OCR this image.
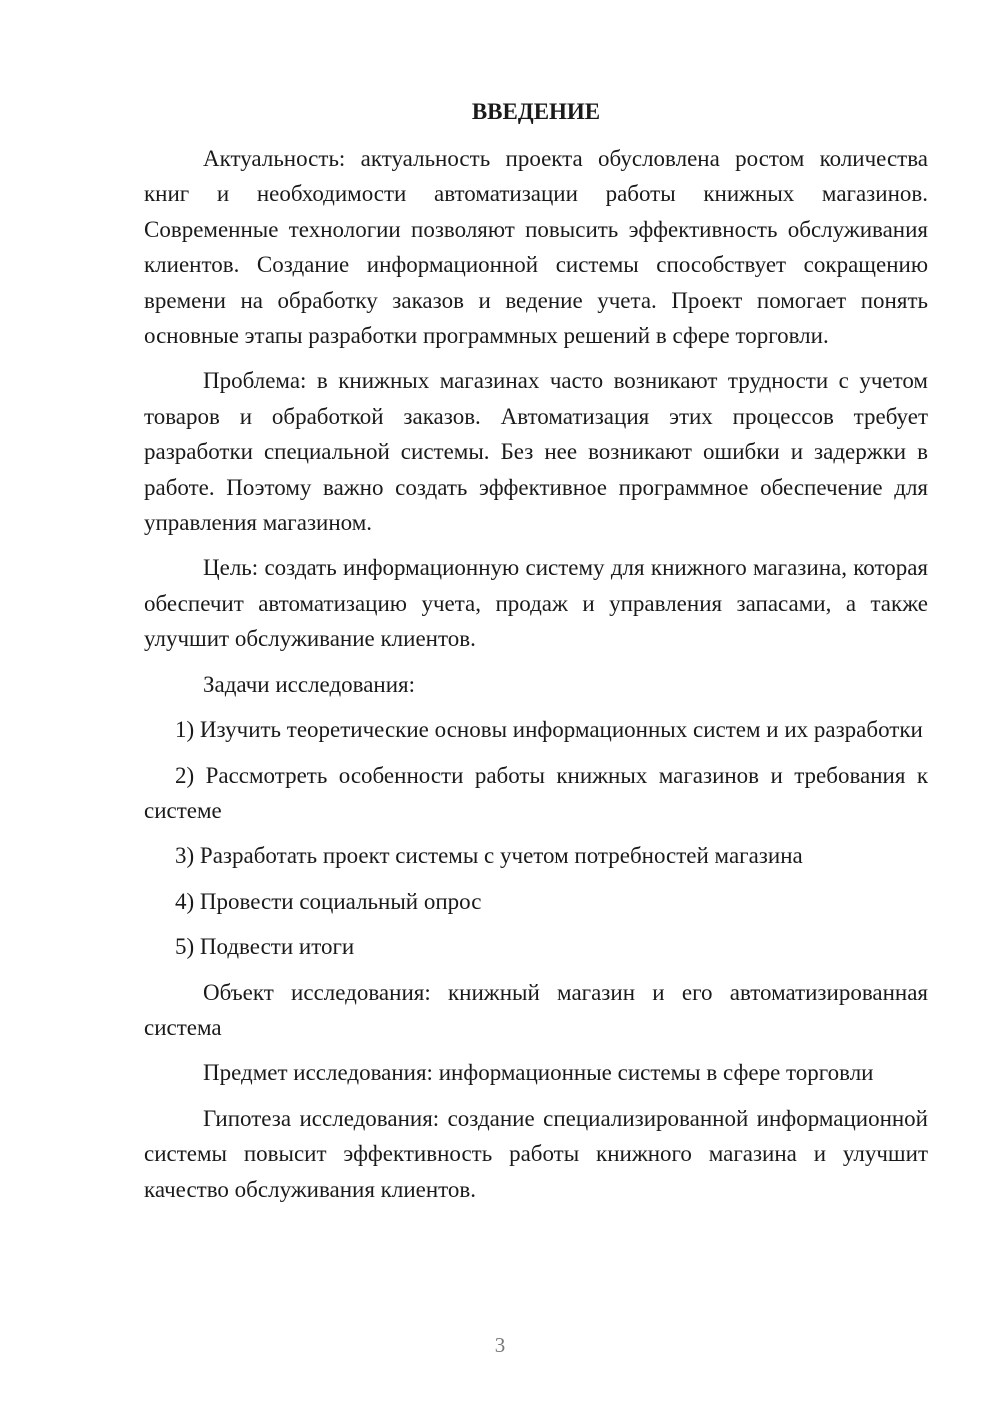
ВВЕДЕНИЕ

Актуальность: актуальность проекта обусловлена ростом количества книг и необходимости автоматизации работы книжных магазинов. Современные технологии позволяют повысить эффективность обслуживания клиентов. Создание информационной системы способствует сокращению времени на обработку заказов и ведение учета. Проект помогает понять основные этапы разработки программных решений в сфере торговли.

Проблема: в книжных магазинах часто возникают трудности с учетом товаров и обработкой заказов. Автоматизация этих процессов требует разработки специальной системы. Без нее возникают ошибки и задержки в работе. Поэтому важно создать эффективное программное обеспечение для управления магазином.

Цель: создать информационную систему для книжного магазина, которая обеспечит автоматизацию учета, продаж и управления запасами, а также улучшит обслуживание клиентов.

Задачи исследования:

1) Изучить теоретические основы информационных систем и их разработки

2) Рассмотреть особенности работы книжных магазинов и требования к системе

3) Разработать проект системы с учетом потребностей магазина

4) Провести социальный опрос

5) Подвести итоги

Объект исследования: книжный магазин и его автоматизированная система

Предмет исследования: информационные системы в сфере торговли

Гипотеза исследования: создание специализированной информационной системы повысит эффективность работы книжного магазина и улучшит качество обслуживания клиентов.

3
